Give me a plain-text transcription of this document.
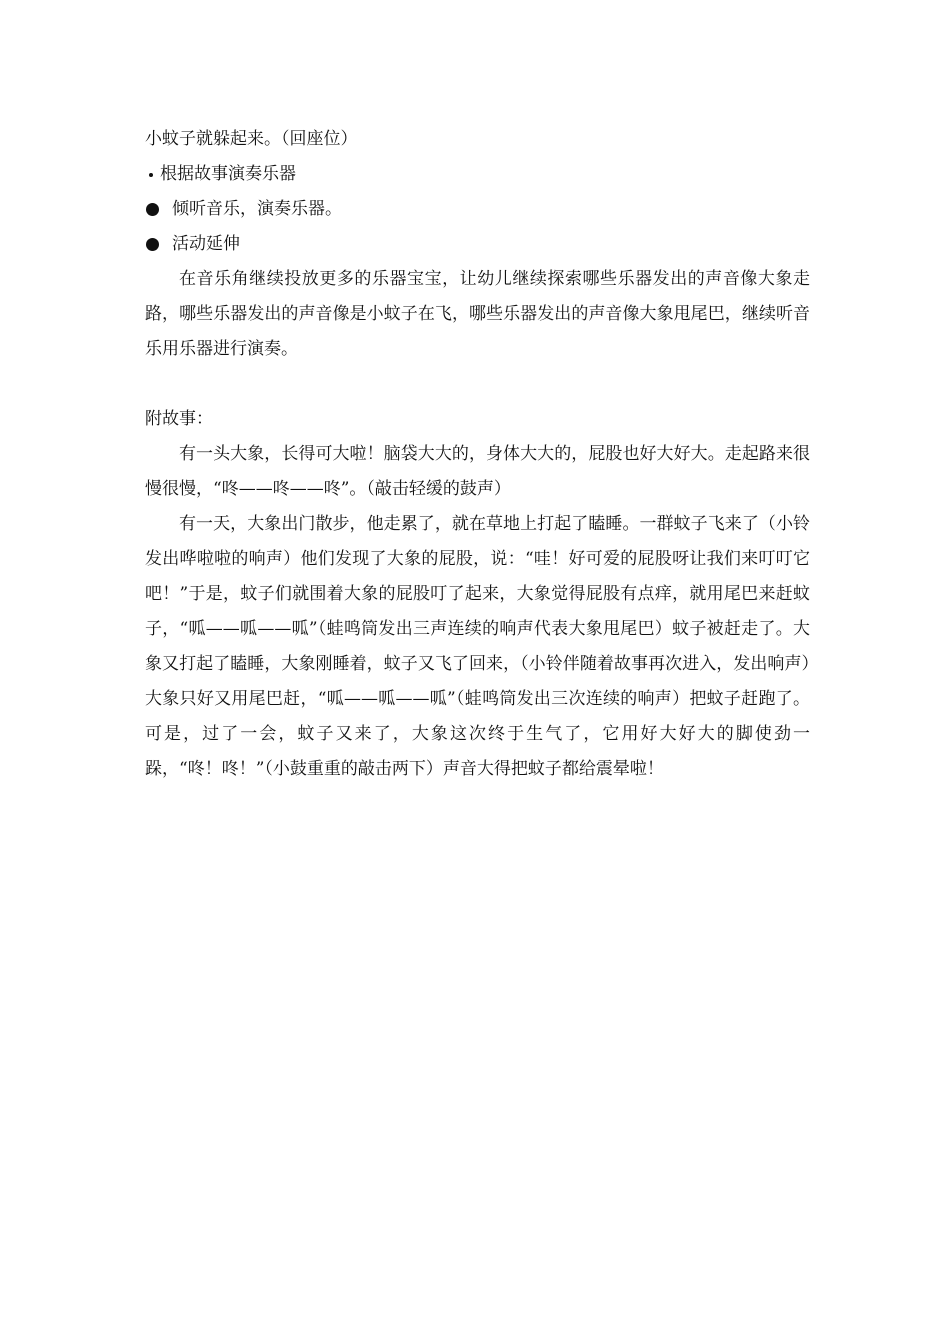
小蚊子就躲起来。（回座位）

根据故事演奏乐器

倾听音乐，演奏乐器。
活动延伸

在音乐角继续投放更多的乐器宝宝，让幼儿继续探索哪些乐器发出的声音像大象走路，哪些乐器发出的声音像是小蚊子在飞，哪些乐器发出的声音像大象甩尾巴，继续听音乐用乐器进行演奏。

附故事：

有一头大象，长得可大啦！脑袋大大的，身体大大的，屁股也好大好大。走起路来很慢很慢，“咚——咚——咚”。（敲击轻缓的鼓声）

有一天，大象出门散步，他走累了，就在草地上打起了瞌睡。一群蚊子飞来了（小铃发出哗啦啦的响声）他们发现了大象的屁股，说：“哇！好可爱的屁股呀让我们来叮叮它吧！”于是，蚊子们就围着大象的屁股叮了起来，大象觉得屁股有点痒，就用尾巴来赶蚊子，“呱——呱——呱”（蛙鸣筒发出三声连续的响声代表大象甩尾巴）蚊子被赶走了。大象又打起了瞌睡，大象刚睡着，蚊子又飞了回来，（小铃伴随着故事再次进入，发出响声）大象只好又用尾巴赶，“呱——呱——呱”（蛙鸣筒发出三次连续的响声）把蚊子赶跑了。可是，过了一会，蚊子又来了，大象这次终于生气了，它用好大好大的脚使劲一跺，“咚！咚！”（小鼓重重的敲击两下）声音大得把蚊子都给震晕啦！
